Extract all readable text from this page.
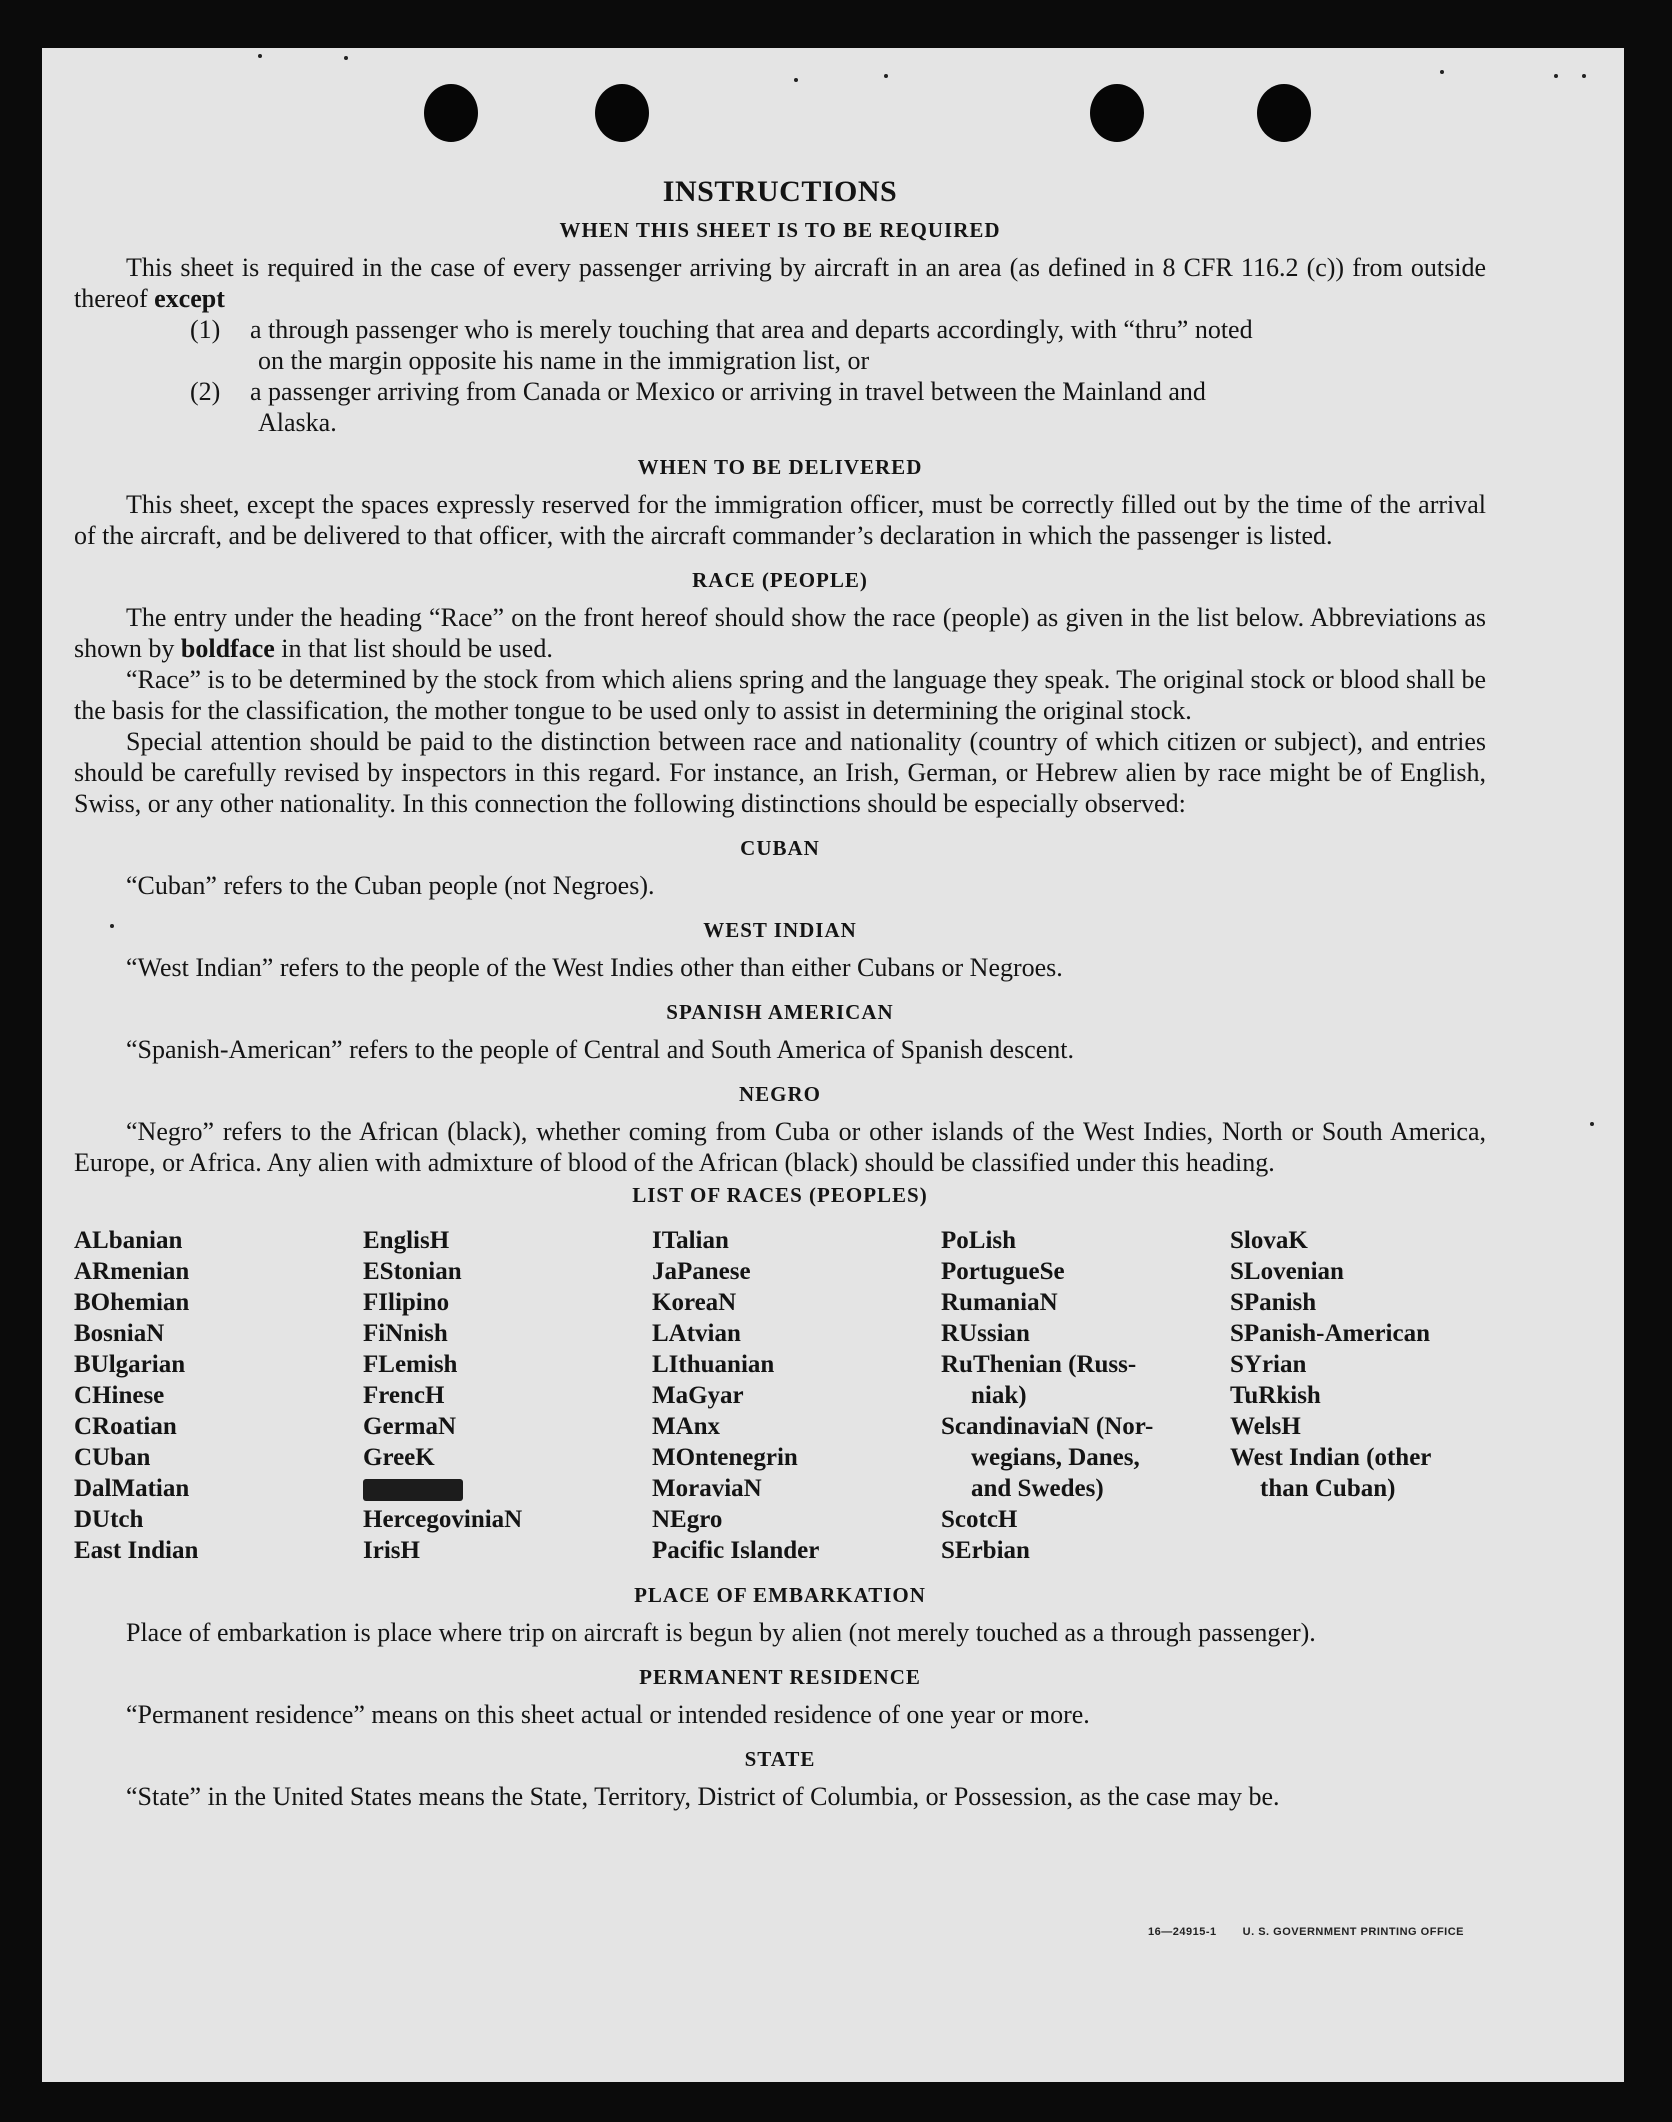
INSTRUCTIONS
WHEN THIS SHEET IS TO BE REQUIRED

This sheet is required in the case of every passenger arriving by aircraft in an area (as defined in 8 CFR 116.2 (c)) from outside thereof except

(1)	a through passenger who is merely touching that area and departs accordingly, with “thru” noted
on the margin opposite his name in the immigration list, or
(2)	a passenger arriving from Canada or Mexico or arriving in travel between the Mainland and
Alaska.
WHEN TO BE DELIVERED

This sheet, except the spaces expressly reserved for the immigration officer, must be correctly filled out by the time of the arrival of the aircraft, and be delivered to that officer, with the aircraft commander’s declaration in which the passenger is listed.

RACE (PEOPLE)

The entry under the heading “Race” on the front hereof should show the race (people) as given in the list below. Abbreviations as shown by boldface in that list should be used.

“Race” is to be determined by the stock from which aliens spring and the language they speak. The original stock or blood shall be the basis for the classification, the mother tongue to be used only to assist in determining the original stock.

Special attention should be paid to the distinction between race and nationality (country of which citizen or subject), and entries should be carefully revised by inspectors in this regard. For instance, an Irish, German, or Hebrew alien by race might be of English, Swiss, or any other nationality. In this connection the following distinctions should be especially observed:

CUBAN

“Cuban” refers to the Cuban people (not Negroes).

WEST INDIAN

“West Indian” refers to the people of the West Indies other than either Cubans or Negroes.

SPANISH AMERICAN

“Spanish-American” refers to the people of Central and South America of Spanish descent.

NEGRO

“Negro” refers to the African (black), whether coming from Cuba or other islands of the West Indies, North or South America, Europe, or Africa. Any alien with admixture of blood of the African (black) should be classified under this heading.

LIST OF RACES (PEOPLES)
ALbanian
ARmenian
BOhemian
BosniaN
BUlgarian
CHinese
CRoatian
CUban
DalMatian
DUtch
East Indian
EnglisH
EStonian
FIlipino
FiNnish
FLemish
FrencH
GermaN
GreeK
HercegoviniaN
IrisH
ITalian
JaPanese
KoreaN
LAtvian
LIthuanian
MaGyar
MAnx
MOntenegrin
MoraviaN
NEgro
Pacific Islander
PoLish
PortugueSe
RumaniaN
RUssian
RuThenian (Russ-
niak)
ScandinaviaN (Nor-
wegians, Danes,
and Swedes)
ScotcH
SErbian
SlovaK
SLovenian
SPanish
SPanish-American
SYrian
TuRkish
WelsH
West Indian (other
than Cuban)
PLACE OF EMBARKATION

Place of embarkation is place where trip on aircraft is begun by alien (not merely touched as a through passenger).

PERMANENT RESIDENCE

“Permanent residence” means on this sheet actual or intended residence of one year or more.

STATE

“State” in the United States means the State, Territory, District of Columbia, or Possession, as the case may be.

16—24915-1 U. S. GOVERNMENT PRINTING OFFICE
